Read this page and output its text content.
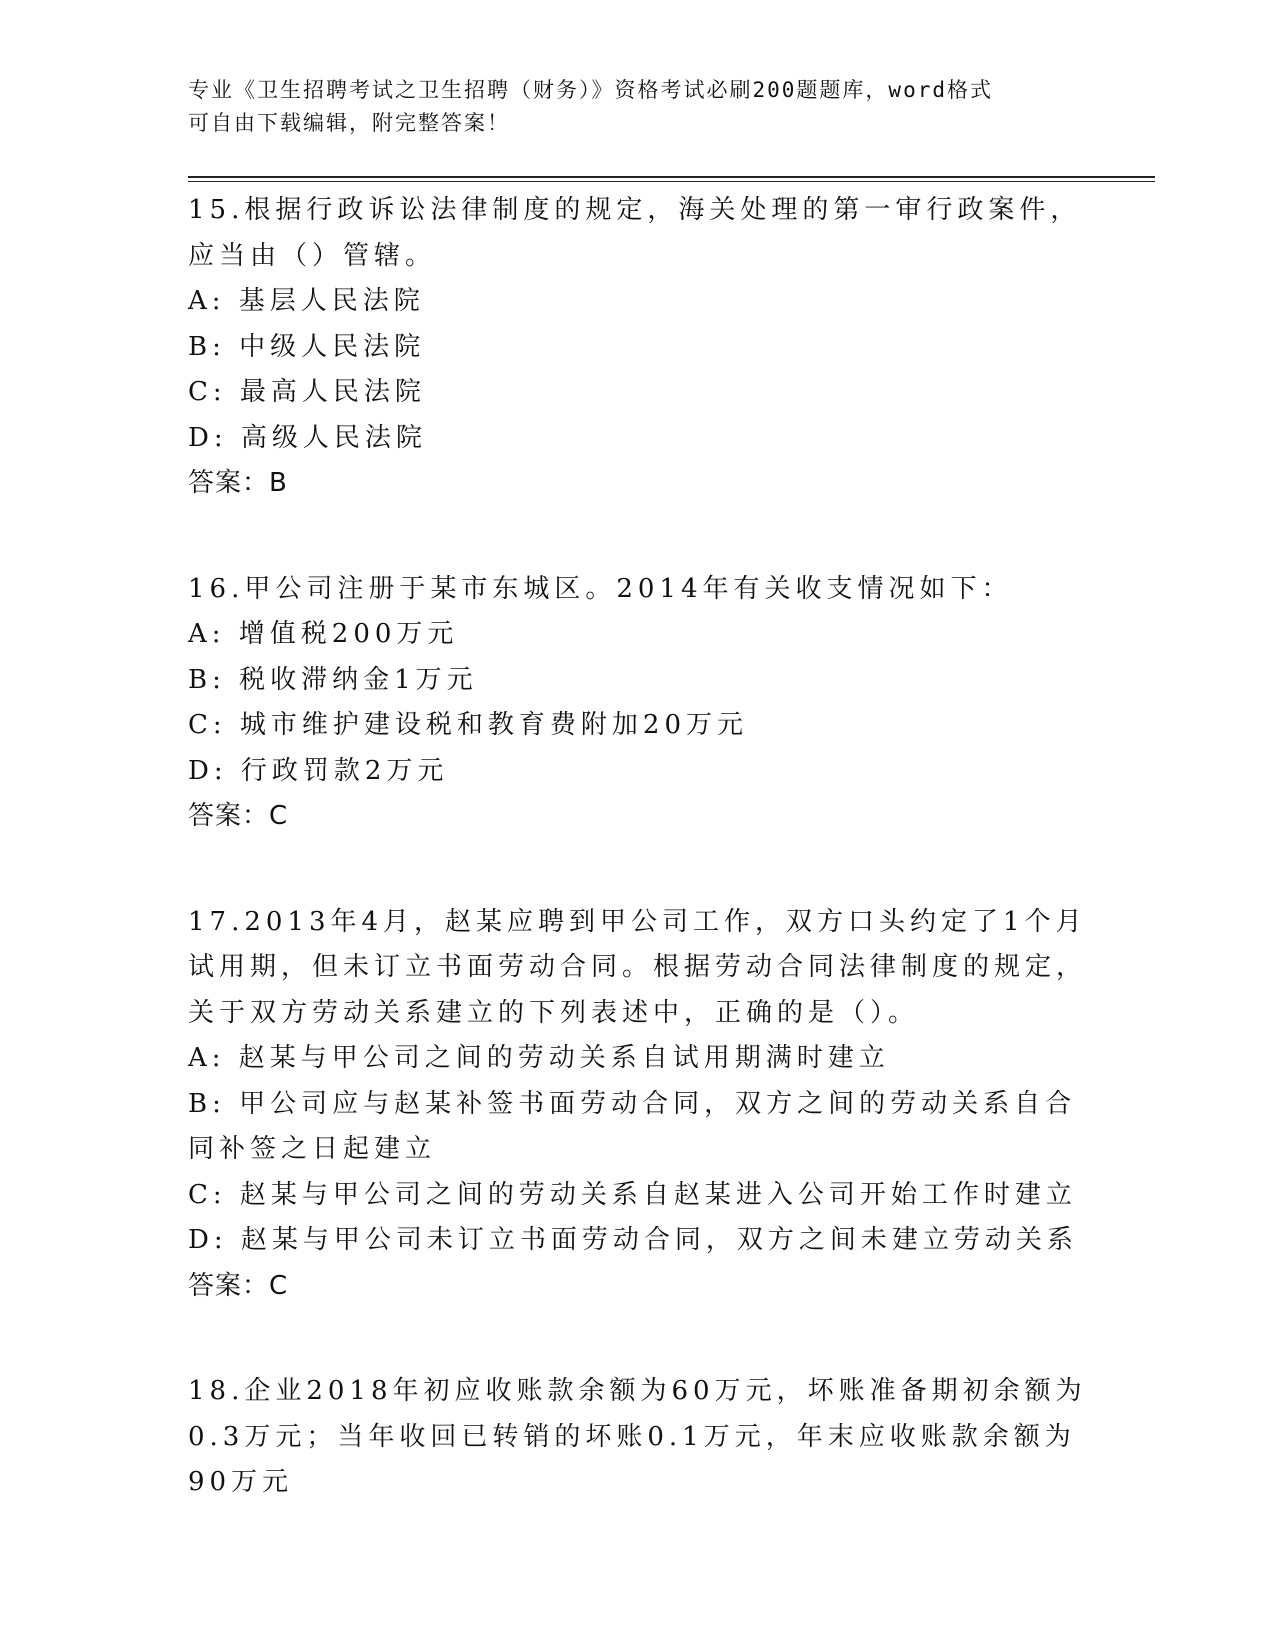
专业《卫生招聘考试之卫生招聘（财务）》资格考试必刷200题题库，word格式
可自由下载编辑，附完整答案！
15.根据行政诉讼法律制度的规定，海关处理的第一审行政案件，应当由（）管辖。
A: 基层人民法院
B: 中级人民法院
C: 最高人民法院
D: 高级人民法院
答案：B
16.甲公司注册于某市东城区。2014年有关收支情况如下：
A: 增值税200万元
B: 税收滞纳金1万元
C: 城市维护建设税和教育费附加20万元
D: 行政罚款2万元
答案：C
17.2013年4月，赵某应聘到甲公司工作，双方口头约定了1个月试用期，但未订立书面劳动合同。根据劳动合同法律制度的规定，关于双方劳动关系建立的下列表述中，正确的是（）。
A: 赵某与甲公司之间的劳动关系自试用期满时建立
B: 甲公司应与赵某补签书面劳动合同，双方之间的劳动关系自合同补签之日起建立
C: 赵某与甲公司之间的劳动关系自赵某进入公司开始工作时建立
D: 赵某与甲公司未订立书面劳动合同，双方之间未建立劳动关系
答案：C
18.企业2018年初应收账款余额为60万元，坏账准备期初余额为0.3万元；当年收回已转销的坏账0.1万元，年末应收账款余额为90万元
